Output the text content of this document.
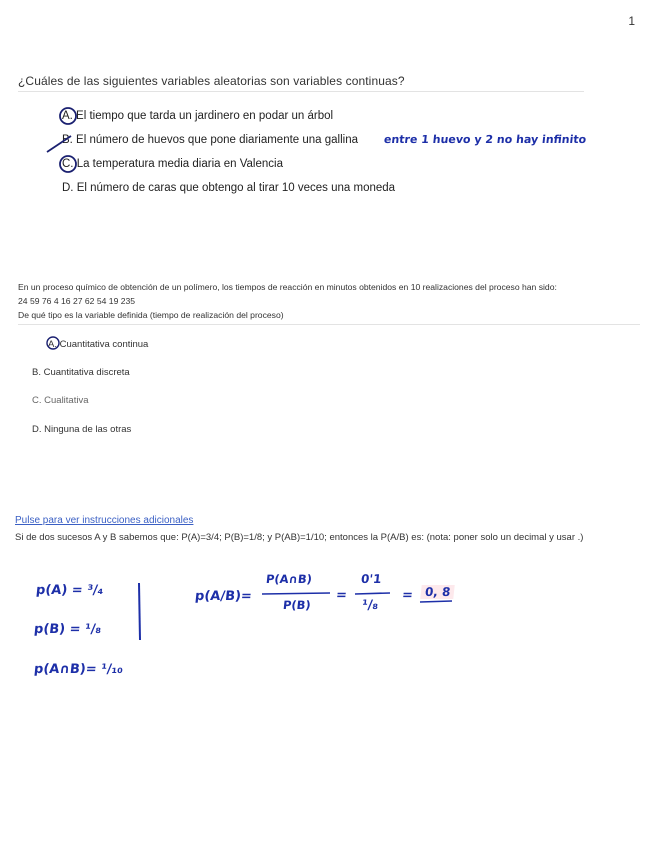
1
¿Cuáles de las siguientes variables aleatorias son variables continuas?
A. El tiempo que tarda un jardinero en podar un árbol
B. El número de huevos que pone diariamente una gallina
C. La temperatura media diaria en Valencia
D. El número de caras que obtengo al tirar 10 veces una moneda
entre 1 huevo y 2 no hay infinito
En un proceso químico de obtención de un polímero, los tiempos de reacción en minutos obtenidos en 10 realizaciones del proceso han sido:
24 59 76 4 16 27 62 54 19 235
De qué tipo es la variable definida (tiempo de realización del proceso)
A. Cuantitativa continua
B. Cuantitativa discreta
C. Cualitativa
D. Ninguna de las otras
Pulse para ver instrucciones adicionales
Si de dos sucesos A y B sabemos que: P(A)=3/4; P(B)=1/8; y P(AB)=1/10; entonces la P(A/B) es: (nota: poner solo un decimal y usar .)
p(A) = ³/₄
p(B) = ¹/₈
p(A∩B)= ¹/₁₀
p(A/B)=
P(A∩B)
P(B)
=
0'1
¹/₈
= 0, 8
